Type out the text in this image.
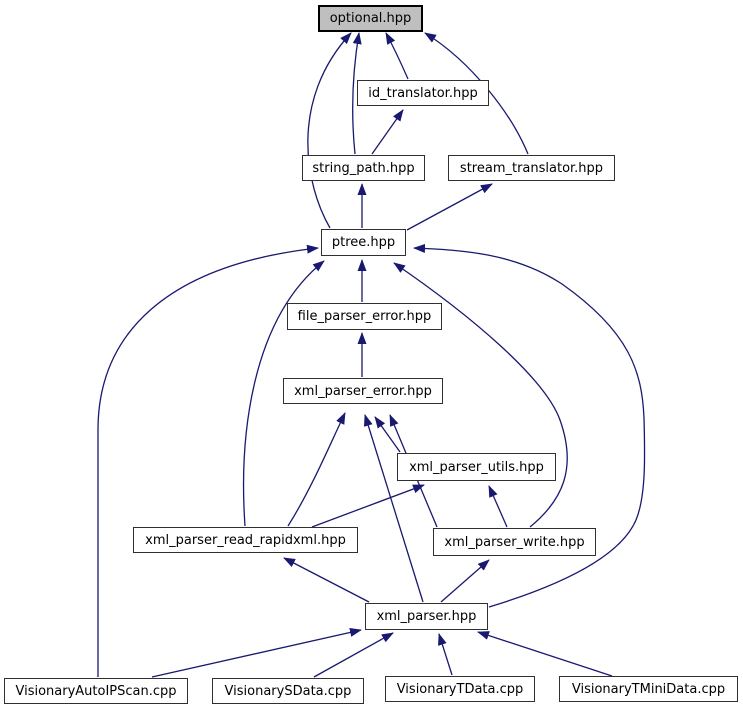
optional.hpp
id_translator.hpp
string_path.hpp	stream_translator.hpp
ptree.hpp
file_parser_error.hpp
xml_parser_error.hpp
xml_parser_utils.hpp
xml_parser_read_rapidxml.hpp	xml_parser_write.hpp
xml_parser.hpp
VisionaryAutoIPScan.cpp	VisionarySData.cpp	VisionaryTData.cpp	VisionaryTMiniData.cpp
